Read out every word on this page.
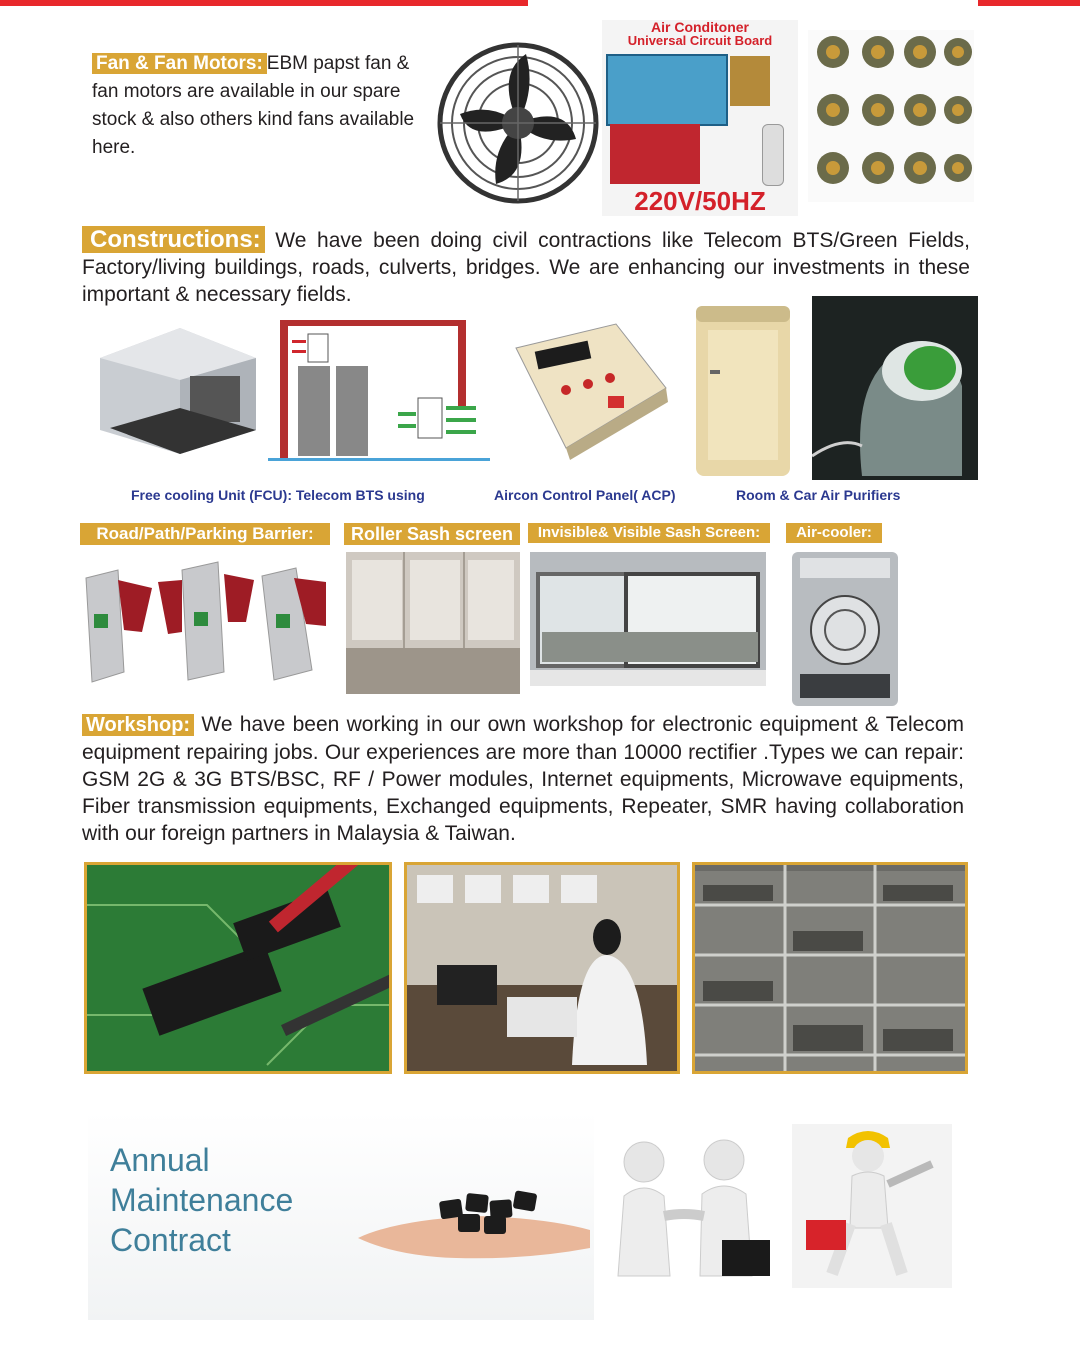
Fan & Fan Motors: EBM papst fan & fan motors are available in our spare stock & also others kind fans available here.
Air Conditoner
Universal Circuit Board
220V/50HZ
Constructions: We have been doing civil contractions like Telecom BTS/Green Fields, Factory/living buildings, roads, culverts, bridges. We are enhancing our investments in these important & necessary fields.
Free cooling Unit (FCU): Telecom BTS using	Aircon Control Panel( ACP)	Room & Car Air Purifiers
Road/Path/Parking Barrier:	Roller Sash screen	Invisible& Visible Sash Screen:	Air-cooler:
Workshop: We have been working in our own workshop for electronic equipment & Telecom equipment repairing jobs. Our experiences are more than 10000 rectifier .Types we can repair: GSM 2G & 3G BTS/BSC, RF / Power modules, Internet equipments, Microwave equipments, Fiber transmission equipments, Exchanged equipments, Repeater, SMR having collaboration with our foreign partners in Malaysia & Taiwan.
Annual
Maintenance
Contract
